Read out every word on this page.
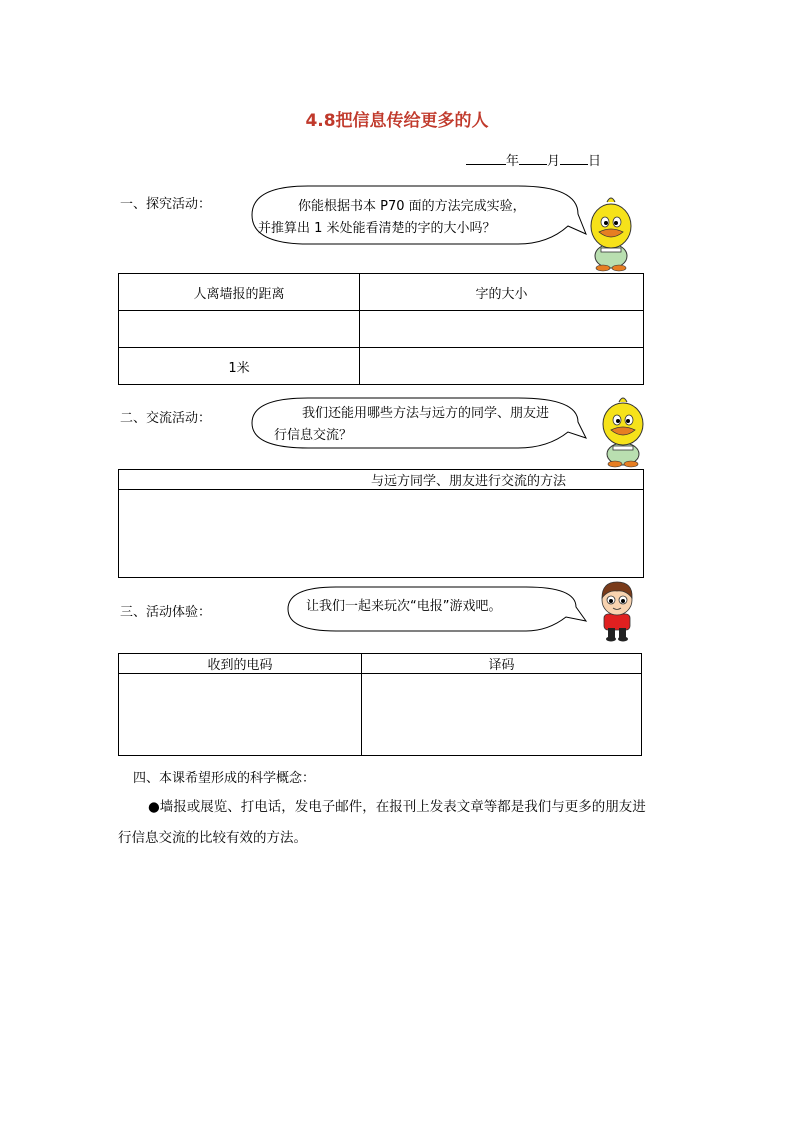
4.8把信息传给更多的人
年 月 日
一、探究活动：	你能根据书本 P70 面的方法完成实验，
并推算出 1 米处能看清楚的字的大小吗？
人离墙报的距离	字的大小

1米	
二、交流活动：	我们还能用哪些方法与远方的同学、朋友进
行信息交流？
与远方同学、朋友进行交流的方法

三、活动体验：	让我们一起来玩次“电报”游戏吧。
收到的电码	译码

四、本课希望形成的科学概念：
●墙报或展览、打电话，发电子邮件，在报刊上发表文章等都是我们与更多的朋友进
行信息交流的比较有效的方法。
